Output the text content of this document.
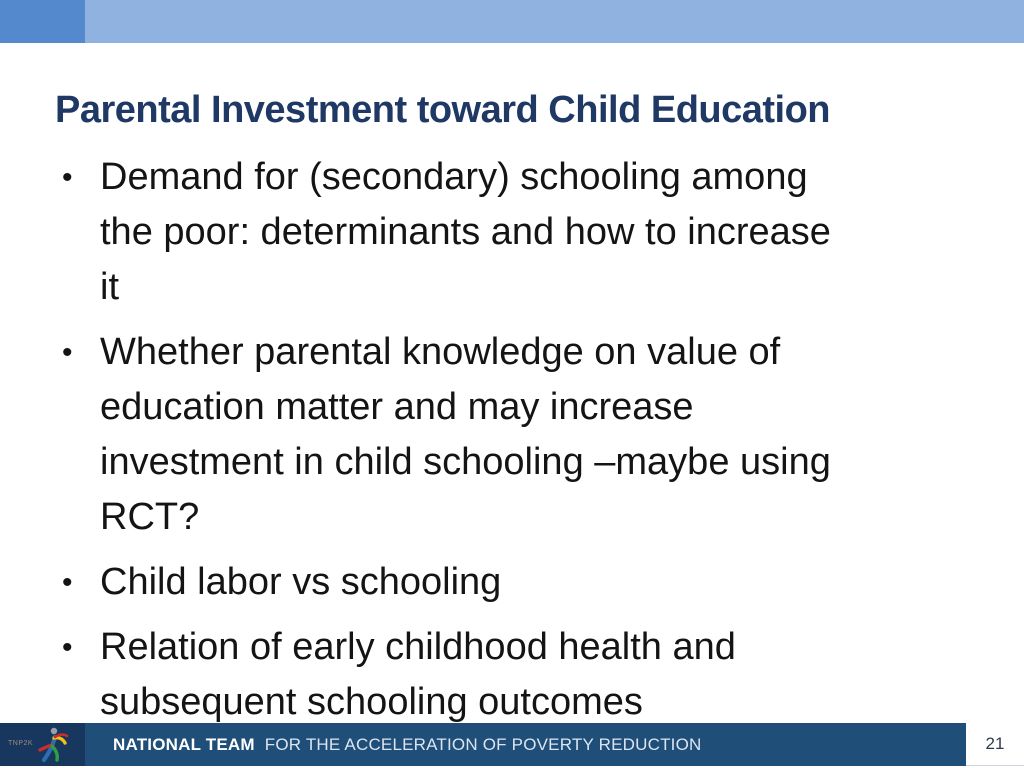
Parental Investment toward Child Education
• Demand for (secondary) schooling among the poor: determinants and how to increase it
• Whether parental knowledge on value of education matter and may increase investment in child schooling –maybe using RCT?
• Child labor vs schooling
• Relation of early childhood health and subsequent schooling outcomes
TNP2K	NATIONAL TEAM FOR THE ACCELERATION OF POVERTY REDUCTION	21
